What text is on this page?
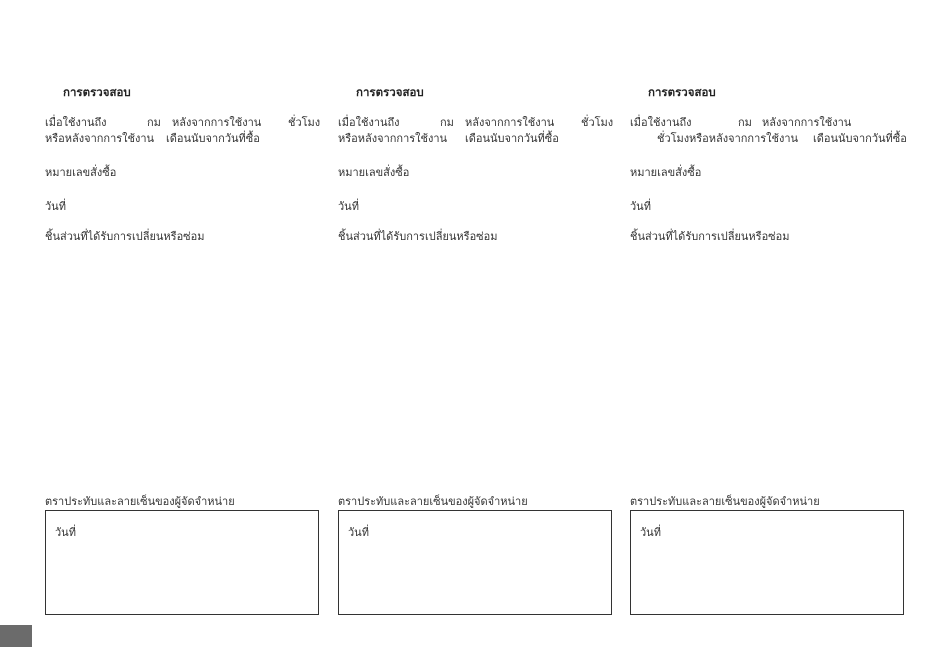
การตรวจสอบ
เมื่อใช้งานถึง	กม หลังจากการใช้งาน ชั่วโมง
หรือหลังจากการใช้งาน เดือนนับจากวันที่ซื้อ
หมายเลขสั่งซื้อ
วันที่
ชิ้นส่วนที่ได้รับการเปลี่ยนหรือซ่อม
ตราประทับและลายเซ็นของผู้จัดจำหน่าย
วันที่
การตรวจสอบ
เมื่อใช้งานถึง	กม หลังจากการใช้งาน ชั่วโมง
หรือหลังจากการใช้งาน เดือนนับจากวันที่ซื้อ
หมายเลขสั่งซื้อ
วันที่
ชิ้นส่วนที่ได้รับการเปลี่ยนหรือซ่อม
ตราประทับและลายเซ็นของผู้จัดจำหน่าย
วันที่
การตรวจสอบ
เมื่อใช้งานถึง	กม หลังจากการใช้งาน
ชั่วโมง หรือหลังจากการใช้งาน เดือนนับจากวันที่ซื้อ
หมายเลขสั่งซื้อ
วันที่
ชิ้นส่วนที่ได้รับการเปลี่ยนหรือซ่อม
ตราประทับและลายเซ็นของผู้จัดจำหน่าย
วันที่
